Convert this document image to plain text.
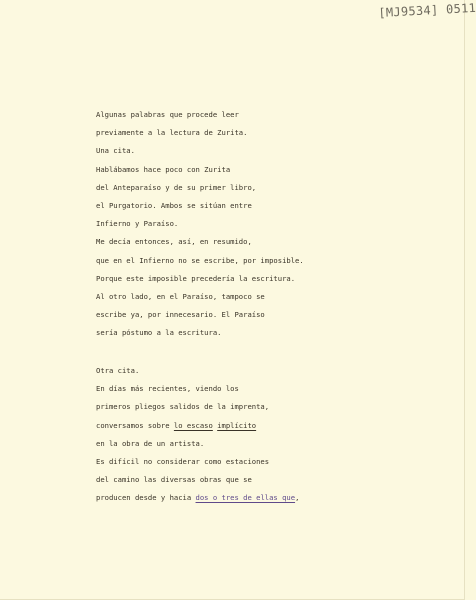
[MJ9534] 0511
Algunas palabras que procede leer
previamente a la lectura de Zurita.
Una cita.
Hablábamos hace poco con Zurita
del Anteparaíso y de su primer libro,
el Purgatorio. Ambos se sitúan entre
Infierno y Paraíso.
Me decía entonces, así, en resumido,
que en el Infierno no se escribe, por imposible.
Porque este imposible precedería la escritura.
Al otro lado, en el Paraíso, tampoco se
escribe ya, por innecesario. El Paraíso
sería póstumo a la escritura.
Otra cita.
En días más recientes, viendo los
primeros pliegos salidos de la imprenta,
conversamos sobre lo escaso implícito
en la obra de un artista.
Es difícil no considerar como estaciones
del camino las diversas obras que se
producen desde y hacia dos o tres de ellas que,
